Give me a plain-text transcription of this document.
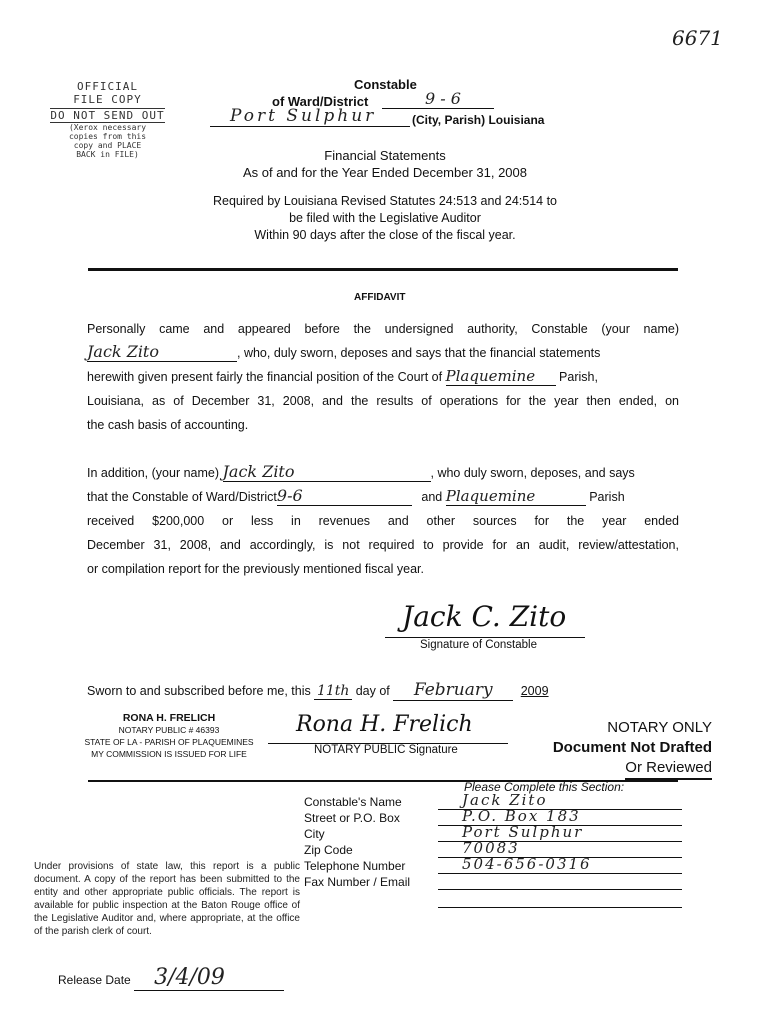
6671
OFFICIAL
FILE COPY
DO NOT SEND OUT
(Xerox necessary
copies from this
copy and PLACE
BACK in FILE)
Constable
of Ward/District	9 - 6
Port Sulphur	(City, Parish) Louisiana
Financial Statements
As of and for the Year Ended December 31, 2008
Required by Louisiana Revised Statutes 24:513 and 24:514 to
be filed with the Legislative Auditor
Within 90 days after the close of the fiscal year.
AFFIDAVIT
Personally came and appeared before the undersigned authority, Constable (your name)
Jack Zito	, who, duly sworn, deposes and says that the financial statements
herewith given present fairly the financial position of the Court of Plaquemine Parish,
Louisiana, as of December 31, 2008, and the results of operations for the year then ended, on
the cash basis of accounting.
In addition, (your name) Jack Zito	, who duly sworn, deposes, and says
that the Constable of Ward/District9-6	and Plaquemine	Parish
received $200,000 or less in revenues and other sources for the year ended
December 31, 2008, and accordingly, is not required to provide for an audit, review/attestation,
or compilation report for the previously mentioned fiscal year.
Jack C. Zito
Signature of Constable
Sworn to and subscribed before me, this 11th day of February 2009
RONA H. FRELICH
NOTARY PUBLIC # 46393
STATE OF LA - PARISH OF PLAQUEMINES
MY COMMISSION IS ISSUED FOR LIFE
Rona H. Frelich
NOTARY PUBLIC Signature
NOTARY ONLY
Document Not Drafted
Or Reviewed
Please Complete this Section:
Constable's Name	Jack Zito
Street or P.O. Box	P.O. Box 183
City	Port Sulphur
Zip Code	70083
Telephone Number	504-656-0316
Fax Number / Email
Under provisions of state law, this report is a public document. A copy of the report has been submitted to the entity and other appropriate public officials. The report is available for public inspection at the Baton Rouge office of the Legislative Auditor and, where appropriate, at the office of the parish clerk of court.
Release Date 3/4/09
